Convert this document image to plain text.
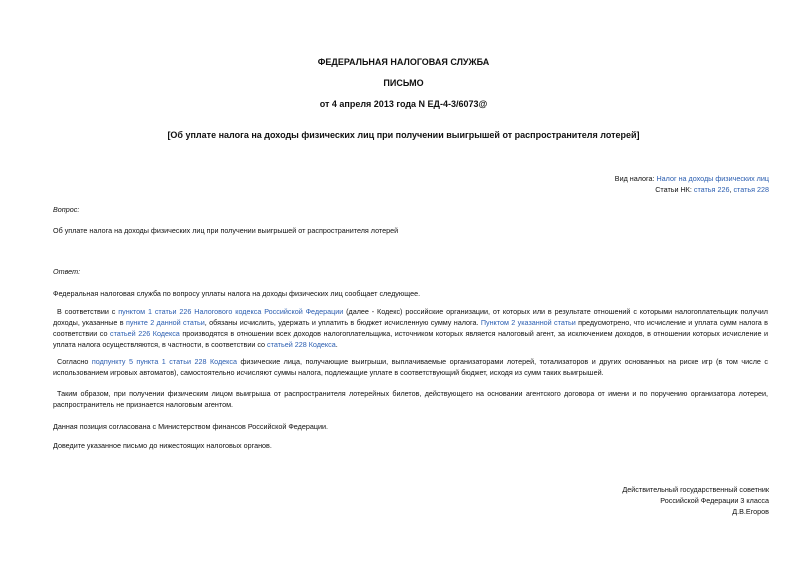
ФЕДЕРАЛЬНАЯ НАЛОГОВАЯ СЛУЖБА
ПИСЬМО
от 4 апреля 2013 года N ЕД-4-3/6073@
[Об уплате налога на доходы физических лиц при получении выигрышей от распространителя лотерей]
Вид налога: Налог на доходы физических лиц
Статьи НК: статья 226, статья 228
Вопрос:
Об уплате налога на доходы физических лиц при получении выигрышей от распространителя лотерей
Ответ:
Федеральная налоговая служба по вопросу уплаты налога на доходы физических лиц сообщает следующее.
В соответствии с пунктом 1 статьи 226 Налогового кодекса Российской Федерации (далее - Кодекс) российские организации, от которых или в результате отношений с которыми налогоплательщик получил доходы, указанные в пункте 2 данной статьи, обязаны исчислить, удержать и уплатить в бюджет исчисленную сумму налога. Пунктом 2 указанной статьи предусмотрено, что исчисление и уплата сумм налога в соответствии со статьей 226 Кодекса производятся в отношении всех доходов налогоплательщика, источником которых является налоговый агент, за исключением доходов, в отношении которых исчисление и уплата налога осуществляются, в частности, в соответствии со статьей 228 Кодекса.
Согласно подпункту 5 пункта 1 статьи 228 Кодекса физические лица, получающие выигрыши, выплачиваемые организаторами лотерей, тотализаторов и других основанных на риске игр (в том числе с использованием игровых автоматов), самостоятельно исчисляют суммы налога, подлежащие уплате в соответствующий бюджет, исходя из сумм таких выигрышей.
Таким образом, при получении физическим лицом выигрыша от распространителя лотерейных билетов, действующего на основании агентского договора от имени и по поручению организатора лотереи, распространитель не признается налоговым агентом.
Данная позиция согласована с Министерством финансов Российской Федерации.
Доведите указанное письмо до нижестоящих налоговых органов.
Действительный государственный советник
Российской Федерации 3 класса
Д.В.Егоров
